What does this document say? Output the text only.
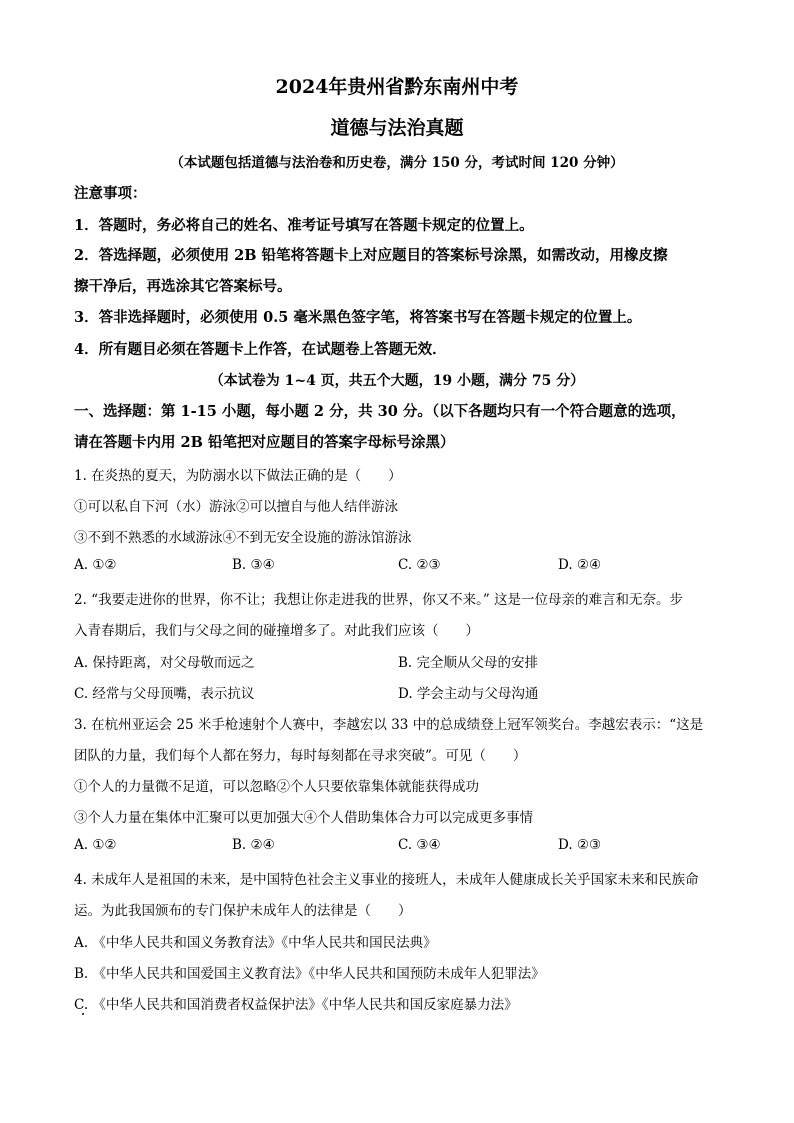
2024年贵州省黔东南州中考
道德与法治真题
（本试题包括道德与法治卷和历史卷，满分 150 分，考试时间 120 分钟）
注意事项：
1．答题时，务必将自己的姓名、准考证号填写在答题卡规定的位置上。
2．答选择题，必须使用 2B 铅笔将答题卡上对应题目的答案标号涂黑，如需改动，用橡皮擦
擦干净后，再选涂其它答案标号。
3．答非选择题时，必须使用 0.5 毫米黑色签字笔，将答案书写在答题卡规定的位置上。
4．所有题目必须在答题卡上作答，在试题卷上答题无效．
（本试卷为 1~4 页，共五个大题，19 小题，满分 75 分）
一、选择题：第 1-15 小题，每小题 2 分，共 30 分。（以下各题均只有一个符合题意的选项，
请在答题卡内用 2B 铅笔把对应题目的答案字母标号涂黑）
1. 在炎热的夏天，为防溺水以下做法正确的是（　　）
①可以私自下河（水）游泳②可以擅自与他人结伴游泳
③不到不熟悉的水域游泳④不到无安全设施的游泳馆游泳
A. ①②	B. ③④	C. ②③	D. ②④
2. “我要走进你的世界，你不让；我想让你走进我的世界，你又不来。” 这是一位母亲的难言和无奈。步
入青春期后，我们与父母之间的碰撞增多了。对此我们应该（　　）
A. 保持距离，对父母敬而远之	B. 完全顺从父母的安排
C. 经常与父母顶嘴，表示抗议	D. 学会主动与父母沟通
3. 在杭州亚运会 25 米手枪速射个人赛中，李越宏以 33 中的总成绩登上冠军领奖台。李越宏表示：“这是
团队的力量，我们每个人都在努力，每时每刻都在寻求突破”。可见（　　）
①个人的力量微不足道，可以忽略②个人只要依靠集体就能获得成功
③个人力量在集体中汇聚可以更加强大④个人借助集体合力可以完成更多事情
A. ①②	B. ②④	C. ③④	D. ②③
4. 未成年人是祖国的未来，是中国特色社会主义事业的接班人，未成年人健康成长关乎国家未来和民族命
运。为此我国颁布的专门保护未成年人的法律是（　　）
A. 《中华人民共和国义务教育法》《中华人民共和国民法典》
B. 《中华人民共和国爱国主义教育法》《中华人民共和国预防未成年人犯罪法》
C. 《中华人民共和国消费者权益保护法》《中华人民共和国反家庭暴力法》
